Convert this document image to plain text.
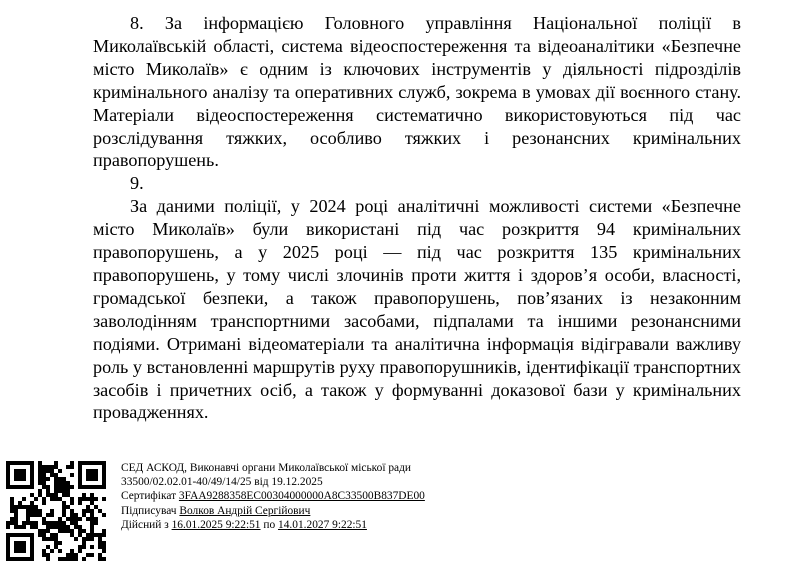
8. За інформацією Головного управління Національної поліції в Миколаївській області, система відеоспостереження та відеоаналітики «Безпечне місто Миколаїв» є одним із ключових інструментів у діяльності підрозділів кримінального аналізу та оперативних служб, зокрема в умовах дії воєнного стану. Матеріали відеоспостереження систематично використовуються під час розслідування тяжких, особливо тяжких і резонансних кримінальних правопорушень.

9.

За даними поліції, у 2024 році аналітичні можливості системи «Безпечне місто Миколаїв» були використані під час розкриття 94 кримінальних правопорушень, а у 2025 році — під час розкриття 135 кримінальних правопорушень, у тому числі злочинів проти життя і здоров’я особи, власності, громадської безпеки, а також правопорушень, пов’язаних із незаконним заволодінням транспортними засобами, підпалами та іншими резонансними подіями. Отримані відеоматеріали та аналітична інформація відігравали важливу роль у встановленні маршрутів руху правопорушників, ідентифікації транспортних засобів і причетних осіб, а також у формуванні доказової бази у кримінальних провадженнях.

СЕД АСКОД, Виконавчі органи Миколаївської міської ради
33500/02.02.01-40/49/14/25 від 19.12.2025
Сертифікат 3FAA9288358EC00304000000A8C33500B837DE00
Підписувач Волков Андрій Сергійович
Дійсний з 16.01.2025 9:22:51 по 14.01.2027 9:22:51
